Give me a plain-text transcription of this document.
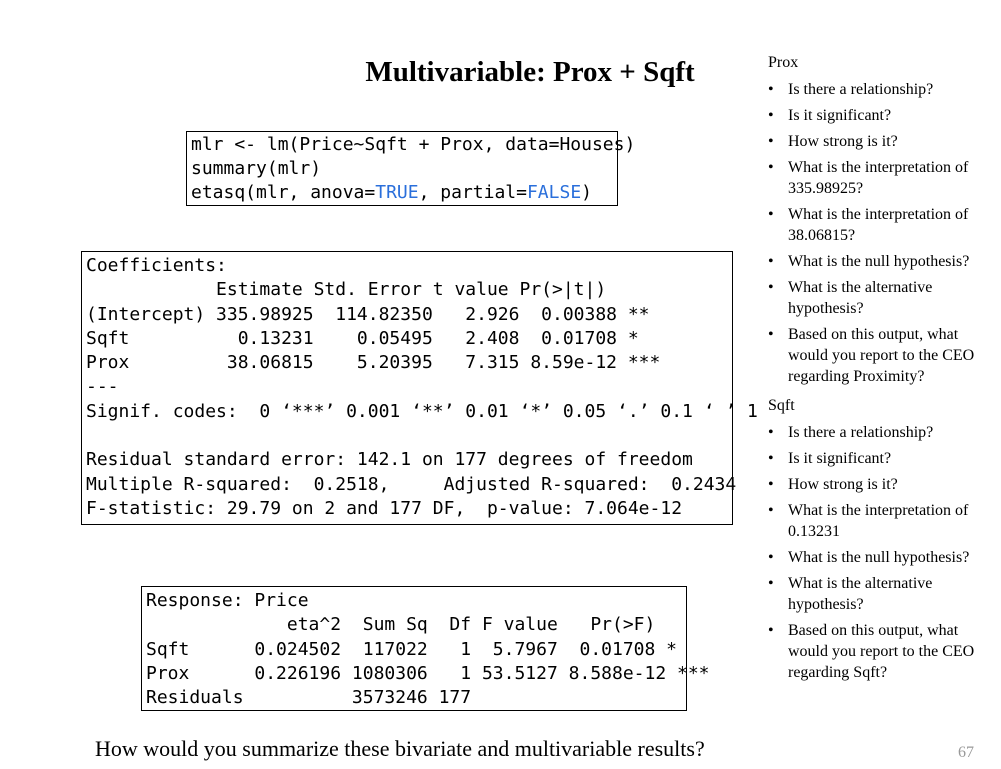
Multivariable: Prox + Sqft
mlr <- lm(Price~Sqft + Prox, data=Houses)
summary(mlr)
etasq(mlr, anova=TRUE, partial=FALSE)
Coefficients:
Estimate Std. Error t value Pr(>|t|)
(Intercept) 335.98925  114.82350   2.926  0.00388 **
Sqft          0.13231    0.05495   2.408  0.01708 *
Prox         38.06815    5.20395   7.315 8.59e-12 ***
---
Signif. codes:  0 ‘***’ 0.001 ‘**’ 0.01 ‘*’ 0.05 ‘.’ 0.1 ‘ ’ 1
Residual standard error: 142.1 on 177 degrees of freedom
Multiple R-squared:  0.2518,     Adjusted R-squared:  0.2434
F-statistic: 29.79 on 2 and 177 DF,  p-value: 7.064e-12
Response: Price
eta^2  Sum Sq  Df F value   Pr(>F)
Sqft      0.024502  117022   1  5.7967  0.01708 *
Prox      0.226196 1080306   1 53.5127 8.588e-12 ***
Residuals          3573246 177
Prox
• Is there a relationship?
• Is it significant?
• How strong is it?
• What is the interpretation of 335.98925?
• What is the interpretation of 38.06815?
• What is the null hypothesis?
• What is the alternative hypothesis?
• Based on this output, what would you report to the CEO regarding Proximity?
Sqft
• Is there a relationship?
• Is it significant?
• How strong is it?
• What is the interpretation of 0.13231
• What is the null hypothesis?
• What is the alternative hypothesis?
• Based on this output, what would you report to the CEO regarding Sqft?
How would you summarize these bivariate and multivariable results?	67
